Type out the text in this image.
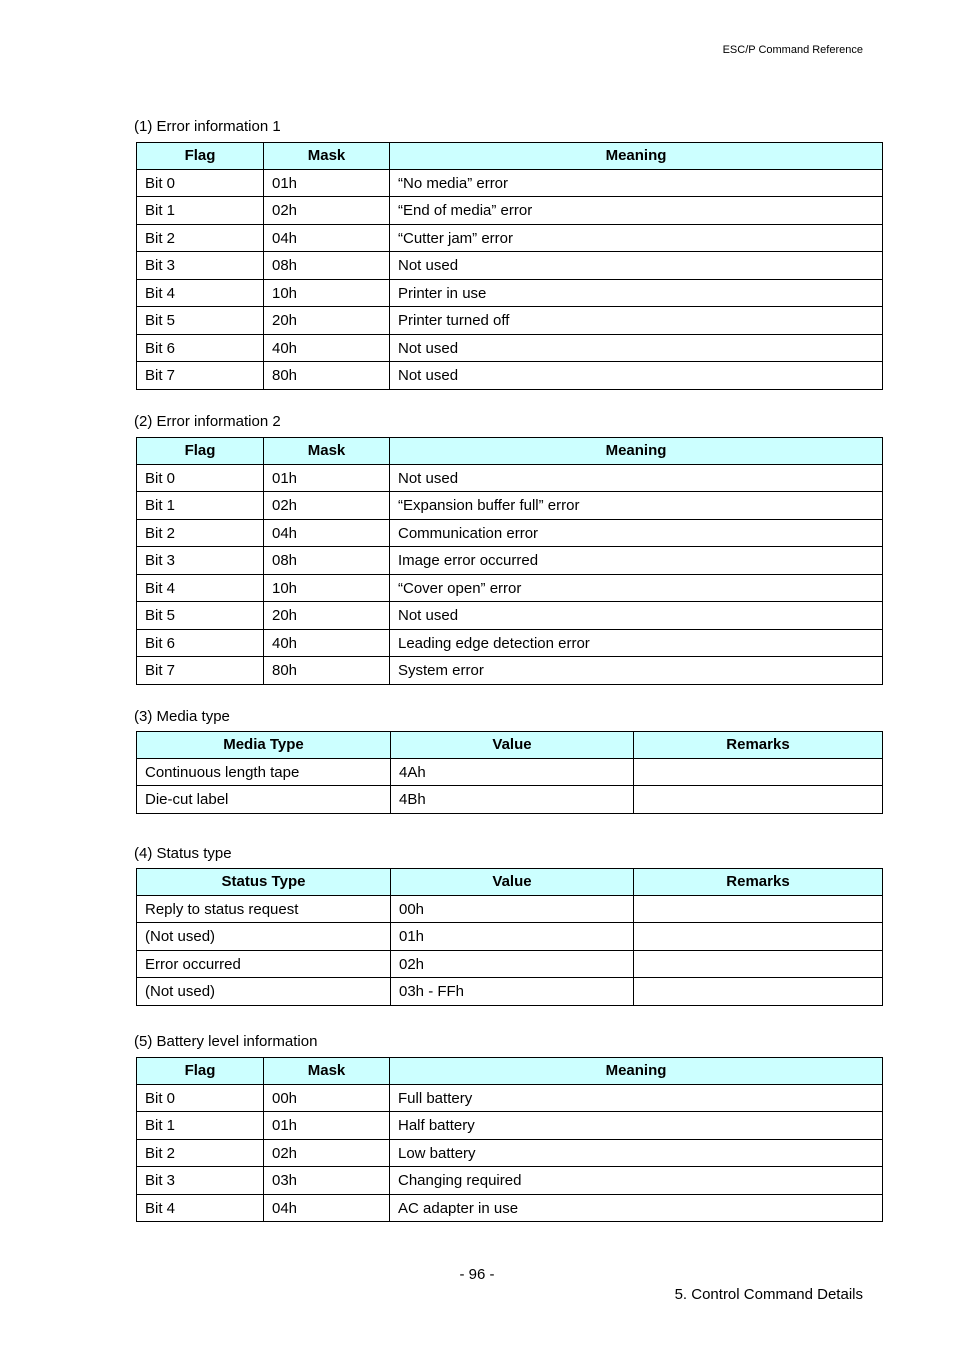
ESC/P Command Reference
(1) Error information 1
Flag	Mask	Meaning
Bit 0	01h	“No media” error
Bit 1	02h	“End of media” error
Bit 2	04h	“Cutter jam” error
Bit 3	08h	Not used
Bit 4	10h	Printer in use
Bit 5	20h	Printer turned off
Bit 6	40h	Not used
Bit 7	80h	Not used
(2) Error information 2
Flag	Mask	Meaning
Bit 0	01h	Not used
Bit 1	02h	“Expansion buffer full” error
Bit 2	04h	Communication error
Bit 3	08h	Image error occurred
Bit 4	10h	“Cover open” error
Bit 5	20h	Not used
Bit 6	40h	Leading edge detection error
Bit 7	80h	System error
(3) Media type
Media Type	Value	Remarks
Continuous length tape	4Ah	
Die-cut label	4Bh	
(4) Status type
Status Type	Value	Remarks
Reply to status request	00h	
(Not used)	01h	
Error occurred	02h	
(Not used)	03h - FFh	
(5) Battery level information
Flag	Mask	Meaning
Bit 0	00h	Full battery
Bit 1	01h	Half battery
Bit 2	02h	Low battery
Bit 3	03h	Changing required
Bit 4	04h	AC adapter in use
- 96 -
5. Control Command Details
